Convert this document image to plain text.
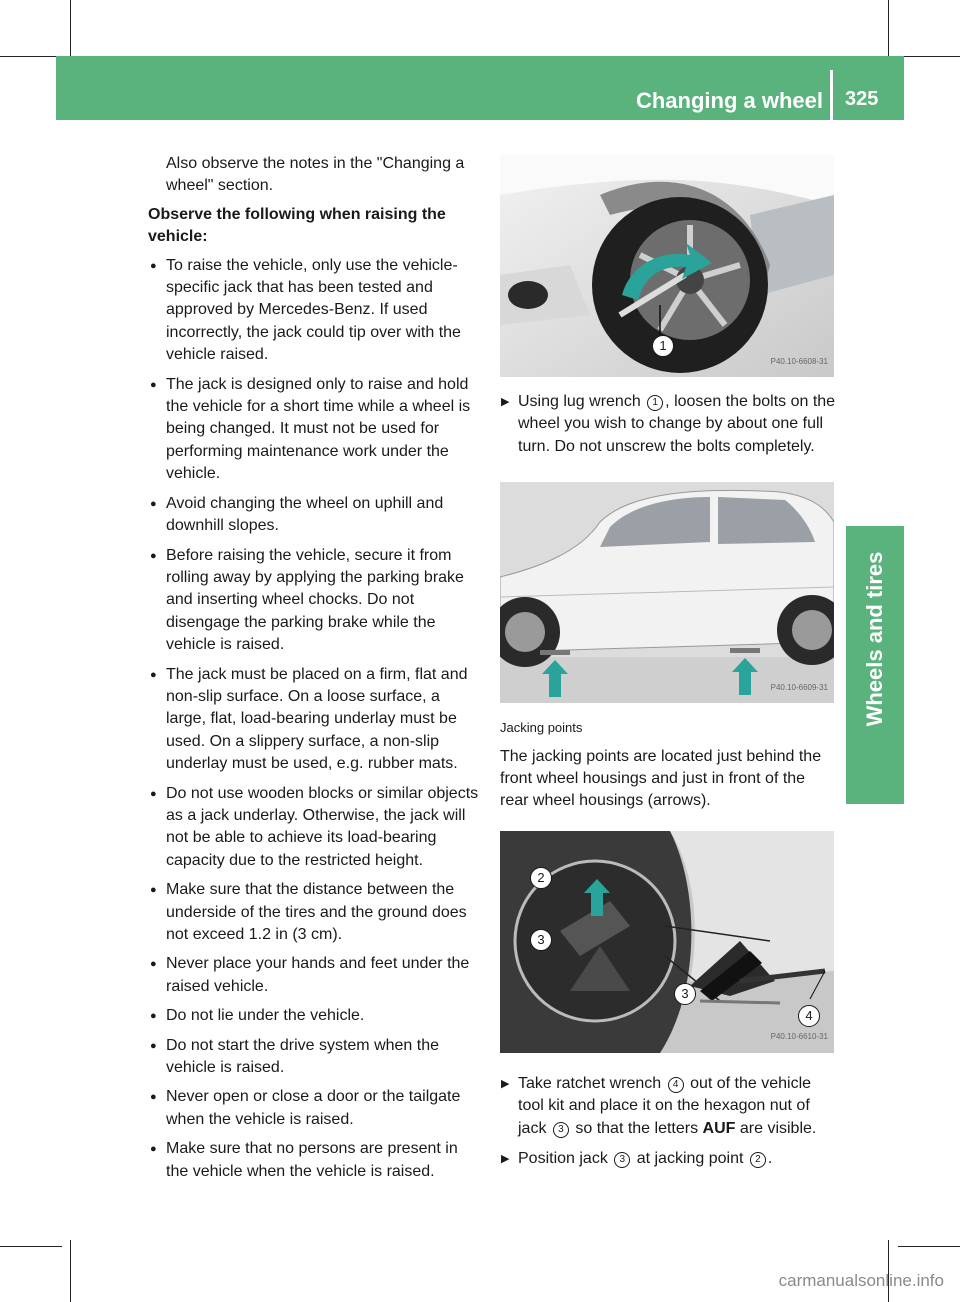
Changing a wheel 325
Wheels and tires

Also observe the notes in the "Changing a wheel" section.

Observe the following when raising the vehicle:

● To raise the vehicle, only use the vehicle-specific jack that has been tested and approved by Mercedes-Benz. If used incorrectly, the jack could tip over with the vehicle raised.
● The jack is designed only to raise and hold the vehicle for a short time while a wheel is being changed. It must not be used for performing maintenance work under the vehicle.
● Avoid changing the wheel on uphill and downhill slopes.
● Before raising the vehicle, secure it from rolling away by applying the parking brake and inserting wheel chocks. Do not disengage the parking brake while the vehicle is raised.
● The jack must be placed on a firm, flat and non-slip surface. On a loose surface, a large, flat, load-bearing underlay must be used. On a slippery surface, a non-slip underlay must be used, e.g. rubber mats.
● Do not use wooden blocks or similar objects as a jack underlay. Otherwise, the jack will not be able to achieve its load-bearing capacity due to the restricted height.
● Make sure that the distance between the underside of the tires and the ground does not exceed 1.2 in (3 cm).
● Never place your hands and feet under the raised vehicle.
● Do not lie under the vehicle.
● Do not start the drive system when the vehicle is raised.
● Never open or close a door or the tailgate when the vehicle is raised.
● Make sure that no persons are present in the vehicle when the vehicle is raised.
1
P40.10-6608-31
▶ Using lug wrench 1 , loosen the bolts on the wheel you wish to change by about one full turn. Do not unscrew the bolts completely.
P40.10-6609-31
Jacking points

The jacking points are located just behind the front wheel housings and just in front of the rear wheel housings (arrows).

2
3
3
4
P40.10-6610-31
▶ Take ratchet wrench 4 out of the vehicle tool kit and place it on the hexagon nut of jack 3 so that the letters AUF are visible.
▶ Position jack 3 at jacking point 2 .
carmanualsonline.info
